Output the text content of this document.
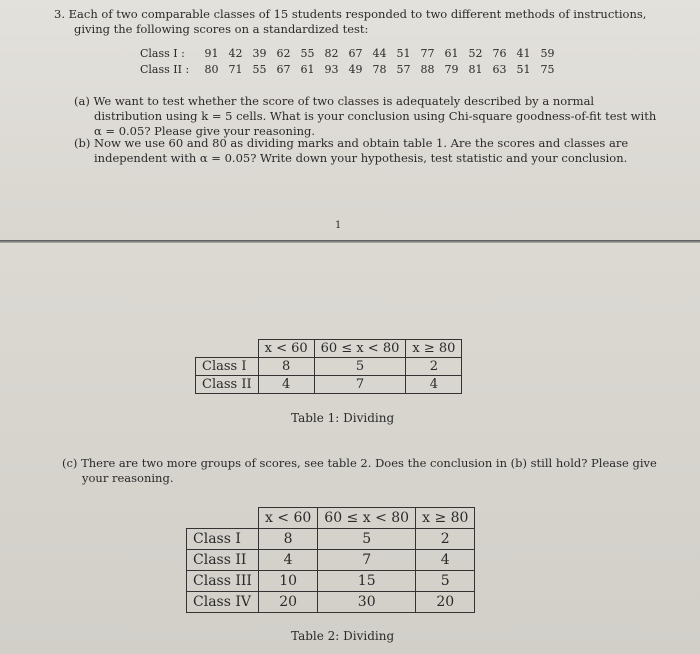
3. Each of two comparable classes of 15 students responded to two different methods of instructions, giving the following scores on a standardized test:
Class I : 91 42 39 62 55 82 67 44 51 77 61 52 76 41 59
Class II : 80 71 55 67 61 93 49 78 57 88 79 81 63 51 75
(a) We want to test whether the score of two classes is adequately described by a normal distribution using k = 5 cells. What is your conclusion using Chi-square goodness-of-fit test with α = 0.05? Please give your reasoning.
(b) Now we use 60 and 80 as dividing marks and obtain table 1. Are the scores and classes are independent with α = 0.05? Write down your hypothesis, test statistic and your conclusion.
1
	x < 60	60 ≤ x < 80	x ≥ 80
Class I	8	5	2
Class II	4	7	4
Table 1: Dividing
(c) There are two more groups of scores, see table 2. Does the conclusion in (b) still hold? Please give your reasoning.
	x < 60	60 ≤ x < 80	x ≥ 80
Class I	8	5	2
Class II	4	7	4
Class III	10	15	5
Class IV	20	30	20
Table 2: Dividing
